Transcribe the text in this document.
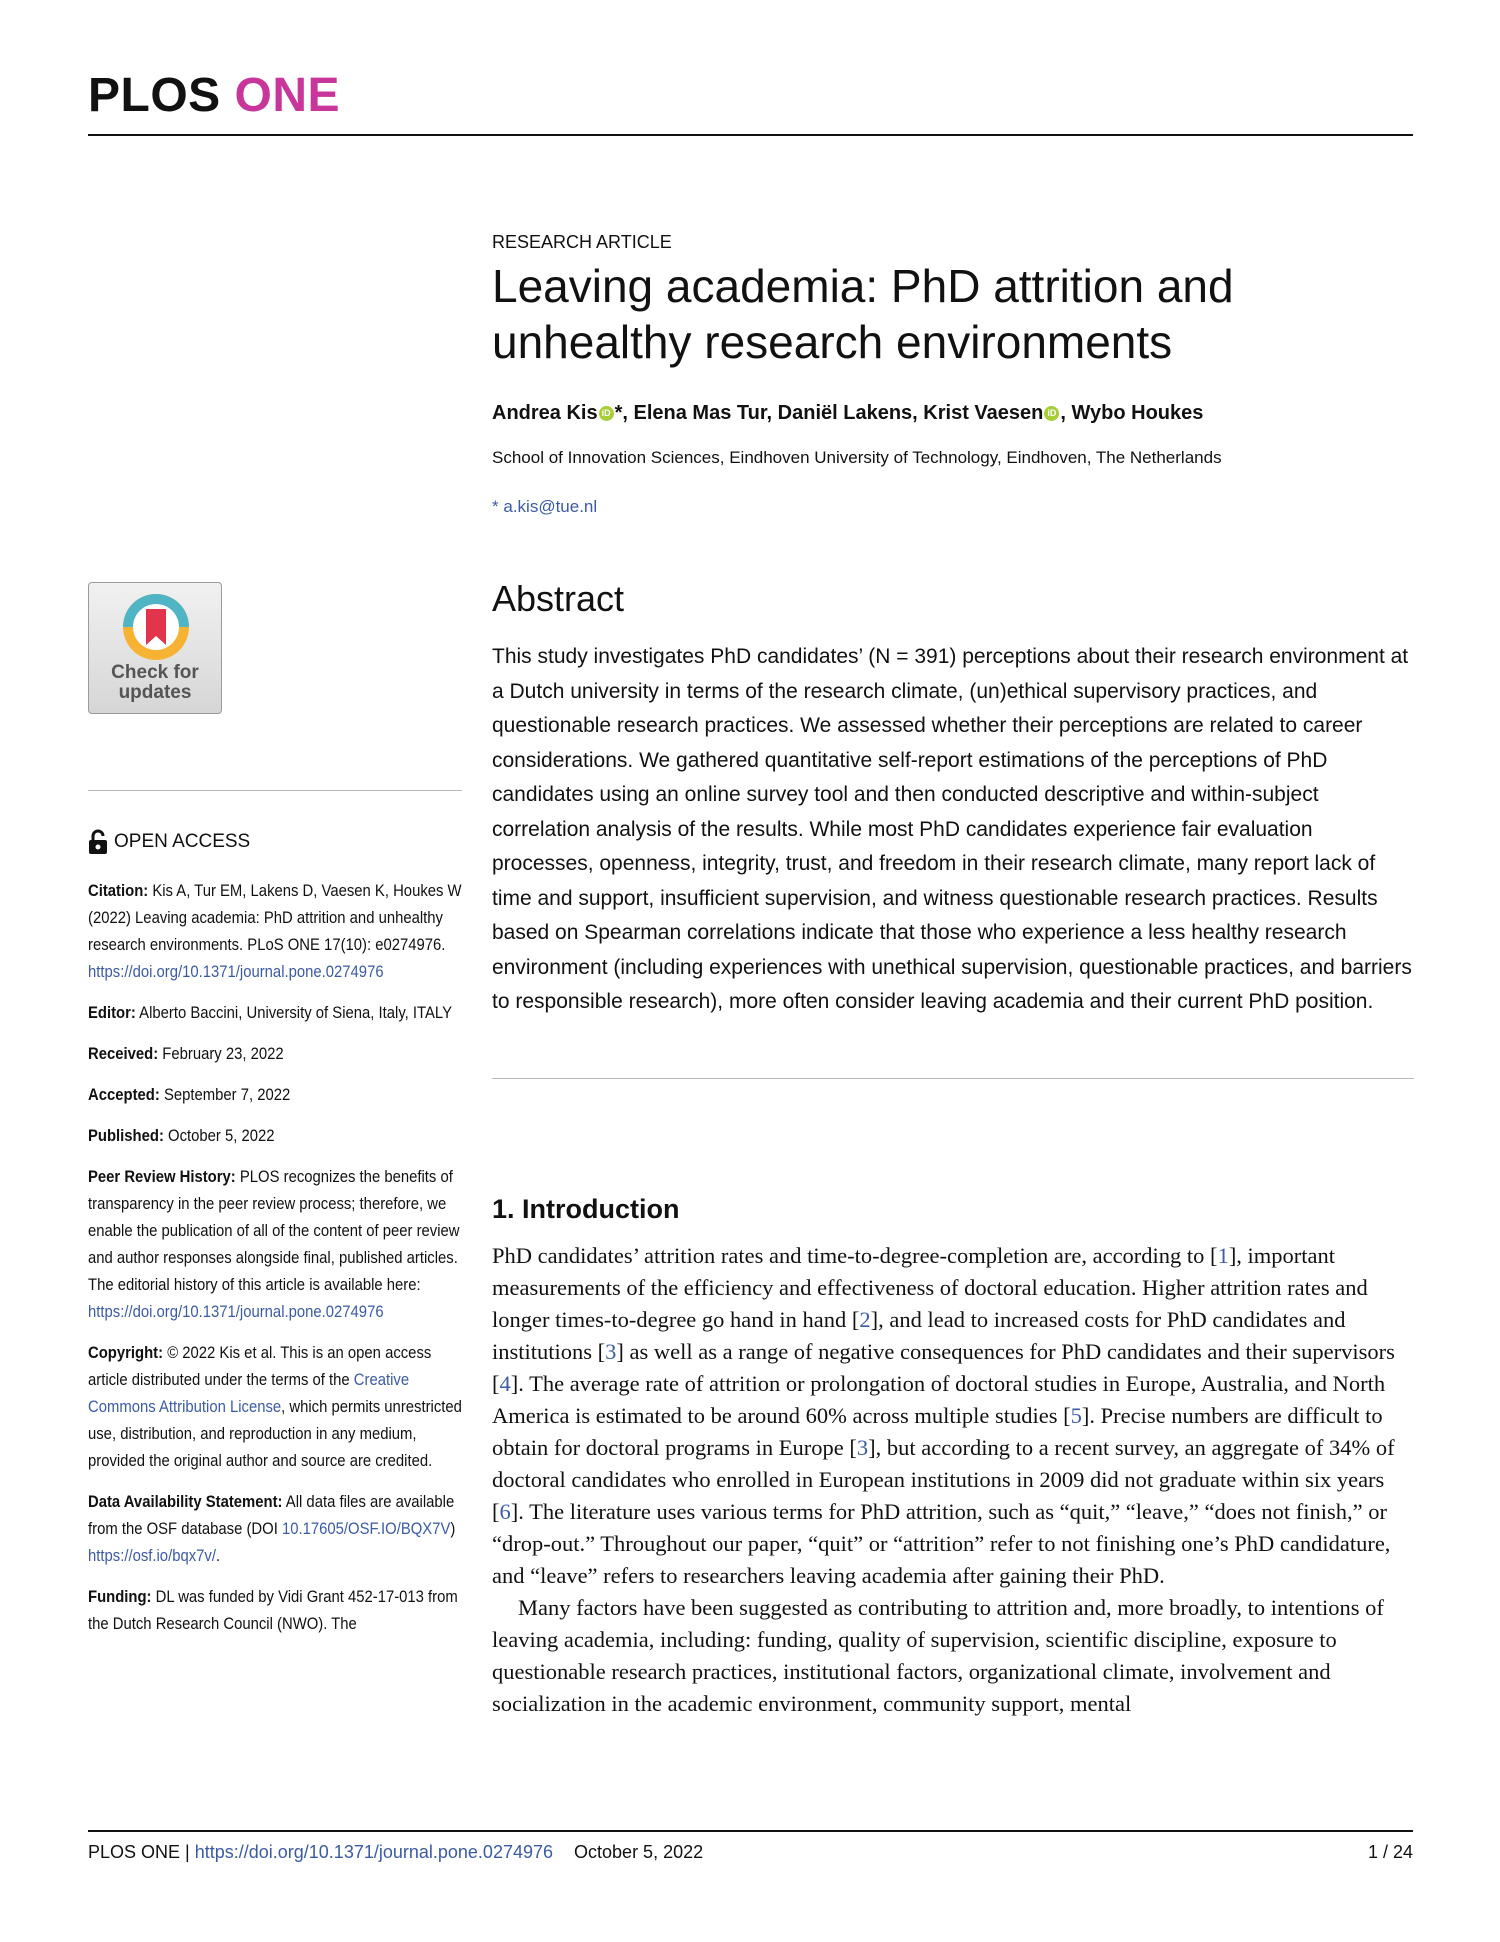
PLOS ONE
RESEARCH ARTICLE
Leaving academia: PhD attrition and
unhealthy research environments
Andrea Kis iD *, Elena Mas Tur, Daniël Lakens, Krist Vaesen iD , Wybo Houkes
School of Innovation Sciences, Eindhoven University of Technology, Eindhoven, The Netherlands
* a.kis@tue.nl
Abstract

This study investigates PhD candidates’ (N = 391) perceptions about their research environment at a Dutch university in terms of the research climate, (un)ethical supervisory practices, and questionable research practices. We assessed whether their perceptions are related to career considerations. We gathered quantitative self-report estimations of the perceptions of PhD candidates using an online survey tool and then conducted descriptive and within-subject correlation analysis of the results. While most PhD candidates experience fair evaluation processes, openness, integrity, trust, and freedom in their research climate, many report lack of time and support, insufficient supervision, and witness questionable research practices. Results based on Spearman correlations indicate that those who experience a less healthy research environment (including experiences with unethical supervision, questionable practices, and barriers to responsible research), more often consider leaving academia and their current PhD position.

1. Introduction

PhD candidates’ attrition rates and time-to-degree-completion are, according to [1], important measurements of the efficiency and effectiveness of doctoral education. Higher attrition rates and longer times-to-degree go hand in hand [2], and lead to increased costs for PhD candidates and institutions [3] as well as a range of negative consequences for PhD candidates and their supervisors [4]. The average rate of attrition or prolongation of doctoral studies in Europe, Australia, and North America is estimated to be around 60% across multiple studies [5]. Precise numbers are difficult to obtain for doctoral programs in Europe [3], but according to a recent survey, an aggregate of 34% of doctoral candidates who enrolled in European institutions in 2009 did not graduate within six years [6]. The literature uses various terms for PhD attrition, such as “quit,” “leave,” “does not finish,” or “drop-out.” Throughout our paper, “quit” or “attrition” refer to not finishing one’s PhD candidature, and “leave” refers to researchers leaving academia after gaining their PhD.

Many factors have been suggested as contributing to attrition and, more broadly, to intentions of leaving academia, including: funding, quality of supervision, scientific discipline, exposure to questionable research practices, institutional factors, organizational climate, involvement and socialization in the academic environment, community support, mental

Check for
updates
OPEN ACCESS
Citation: Kis A, Tur EM, Lakens D, Vaesen K, Houkes W (2022) Leaving academia: PhD attrition and unhealthy research environments. PLoS ONE 17(10): e0274976. https://doi.org/10.1371/journal.pone.0274976
Editor: Alberto Baccini, University of Siena, Italy, ITALY
Received: February 23, 2022
Accepted: September 7, 2022
Published: October 5, 2022
Peer Review History: PLOS recognizes the benefits of transparency in the peer review process; therefore, we enable the publication of all of the content of peer review and author responses alongside final, published articles. The editorial history of this article is available here: https://doi.org/10.1371/journal.pone.0274976
Copyright: © 2022 Kis et al. This is an open access article distributed under the terms of the Creative Commons Attribution License, which permits unrestricted use, distribution, and reproduction in any medium, provided the original author and source are credited.
Data Availability Statement: All data files are available from the OSF database (DOI 10.17605/OSF.IO/BQX7V) https://osf.io/bqx7v/.
Funding: DL was funded by Vidi Grant 452-17-013 from the Dutch Research Council (NWO). The
PLOS ONE | https://doi.org/10.1371/journal.pone.0274976 October 5, 2022	1 / 24
